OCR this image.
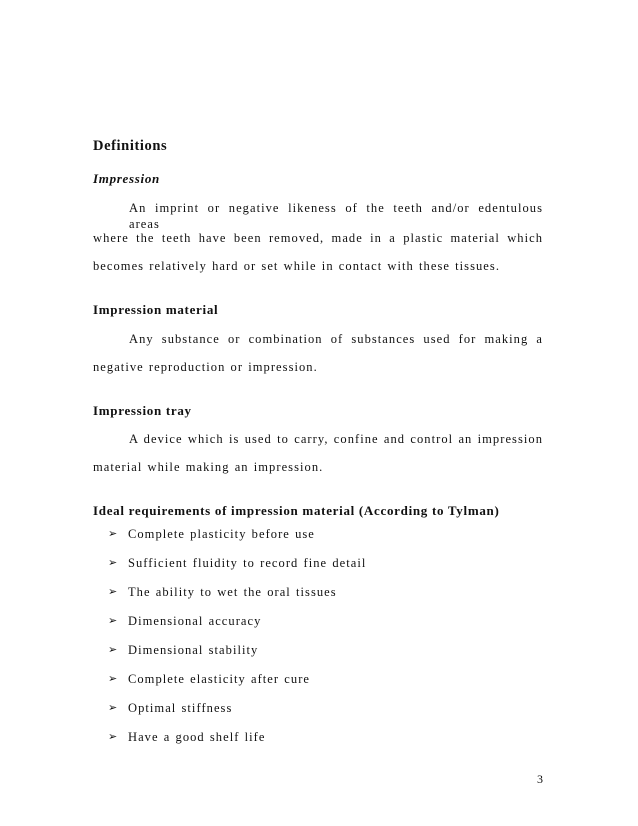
Definitions
Impression
An imprint or negative likeness of the teeth and/or edentulous areas
where the teeth have been removed, made in a plastic material which
becomes relatively hard or set while in contact with these tissues.
Impression material
Any substance or combination of substances used for making a
negative reproduction or impression.
Impression tray
A device which is used to carry, confine and control an impression
material while making an impression.
Ideal requirements of impression material (According to Tylman)
➢ Complete plasticity before use
➢ Sufficient fluidity to record fine detail
➢ The ability to wet the oral tissues
➢ Dimensional accuracy
➢ Dimensional stability
➢ Complete elasticity after cure
➢ Optimal stiffness
➢ Have a good shelf life
3
